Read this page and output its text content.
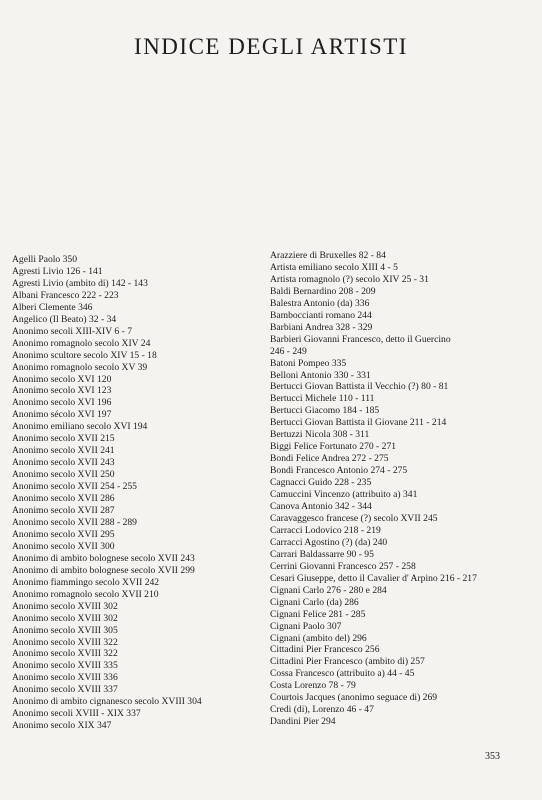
INDICE DEGLI ARTISTI
Agelli Paolo 350
Agresti Livio 126 - 141
Agresti Livio (ambito di) 142 - 143
Albani Francesco 222 - 223
Alberi Clemente 346
Angelico (Il Beato) 32 - 34
Anonimo secoli XIII-XIV 6 - 7
Anonimo romagnolo secolo XIV 24
Anonimo scultore secolo XIV 15 - 18
Anonimo romagnolo secolo XV 39
Anonimo secolo XVI 120
Anonimo secolo XVI 123
Anonimo secolo XVI 196
Anonimo sécolo XVI 197
Anonimo emiliano secolo XVI 194
Anonimo secolo XVII 215
Anonimo secolo XVII 241
Anonimo secolo XVII 243
Anonimo secolo XVII 250
Anonimo secolo XVII 254 - 255
Anonimo secolo XVII 286
Anonimo secolo XVII 287
Anonimo secolo XVII 288 - 289
Anonimo secolo XVII 295
Anonimo secolo XVII 300
Anonimo di ambito bolognese secolo XVII 243
Anonimo di ambito bolognese secolo XVII 299
Anonimo fiammingo secolo XVII 242
Anonimo romagnolo secolo XVII 210
Anonimo secolo XVIII 302
Anonimo secolo XVIII 302
Anonimo secolo XVIII 305
Anonimo secolo XVIII 322
Anonimo secolo XVIII 322
Anonimo secolo XVIII 335
Anonimo secolo XVIII 336
Anonimo secolo XVIII 337
Anonimo di ambito cignanesco secolo XVIII 304
Anonimo secoli XVIII - XIX 337
Anonimo secolo XIX 347
Arazziere di Bruxelles 82 - 84
Artista emiliano secolo XIII 4 - 5
Artista romagnolo (?) secolo XIV 25 - 31
Baldi Bernardino 208 - 209
Balestra Antonio (da) 336
Bamboccianti romano 244
Barbiani Andrea 328 - 329
Barbieri Giovanni Francesco, detto il Guercino
246 - 249
Batoni Pompeo 335
Belloni Antonio 330 - 331
Bertucci Giovan Battista il Vecchio (?) 80 - 81
Bertucci Michele 110 - 111
Bertucci Giacomo 184 - 185
Bertucci Giovan Battista il Giovane 211 - 214
Bertuzzi Nicola 308 - 311
Biggi Felice Fortunato 270 - 271
Bondi Felice Andrea 272 - 275
Bondi Francesco Antonio 274 - 275
Cagnacci Guido 228 - 235
Camuccini Vincenzo (attribuito a) 341
Canova Antonio 342 - 344
Caravaggesco francese (?) secolo XVII 245
Carracci Lodovico 218 - 219
Carracci Agostino (?) (da) 240
Carrari Baldassarre 90 - 95
Cerrini Giovanni Francesco 257 - 258
Cesari Giuseppe, detto il Cavalier d' Arpino 216 - 217
Cignani Carlo 276 - 280 e 284
Cignani Carlo (da) 286
Cignani Felice 281 - 285
Cignani Paolo 307
Cignani (ambito del) 296
Cittadini Pier Francesco 256
Cittadini Pier Francesco (ambito di) 257
Cossa Francesco (attribuito a) 44 - 45
Costa Lorenzo 78 - 79
Courtois Jacques (anonimo seguace di) 269
Credi (di), Lorenzo 46 - 47
Dandini Pier 294
353
